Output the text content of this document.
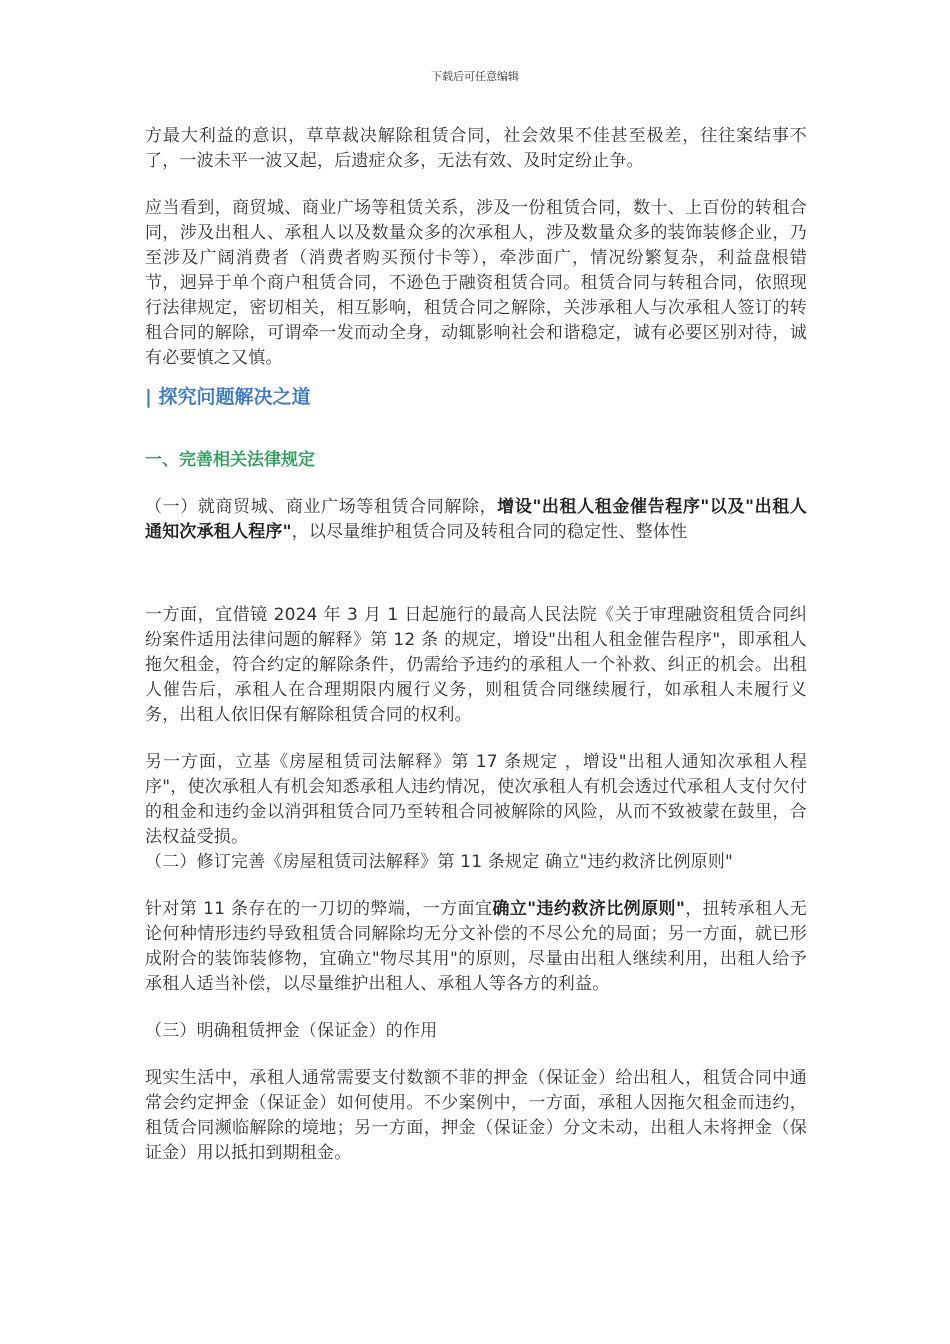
下载后可任意编辑

方最大利益的意识，草草裁决解除租赁合同，社会效果不佳甚至极差，往往案结事不了，一波未平一波又起，后遗症众多，无法有效、及时定纷止争。

应当看到，商贸城、商业广场等租赁关系，涉及一份租赁合同，数十、上百份的转租合同，涉及出租人、承租人以及数量众多的次承租人，涉及数量众多的装饰装修企业，乃至涉及广阔消费者（消费者购买预付卡等），牵涉面广，情况纷繁复杂，利益盘根错节，迥异于单个商户租赁合同，不逊色于融资租赁合同。租赁合同与转租合同，依照现行法律规定，密切相关，相互影响，租赁合同之解除，关涉承租人与次承租人签订的转租合同的解除，可谓牵一发而动全身，动辄影响社会和谐稳定，诚有必要区别对待，诚有必要慎之又慎。

| 探究问题解决之道
一、完善相关法律规定

（一）就商贸城、商业广场等租赁合同解除，增设"出租人租金催告程序"以及"出租人通知次承租人程序"，以尽量维护租赁合同及转租合同的稳定性、整体性

一方面，宜借镜 2024 年 3 月 1 日起施行的最高人民法院《关于审理融资租赁合同纠纷案件适用法律问题的解释》第 12 条 的规定，增设"出租人租金催告程序"，即承租人拖欠租金，符合约定的解除条件，仍需给予违约的承租人一个补救、纠正的机会。出租人催告后，承租人在合理期限内履行义务，则租赁合同继续履行，如承租人未履行义务，出租人依旧保有解除租赁合同的权利。

另一方面，立基《房屋租赁司法解释》第 17 条规定 ，增设"出租人通知次承租人程序"，使次承租人有机会知悉承租人违约情况，使次承租人有机会透过代承租人支付欠付的租金和违约金以消弭租赁合同乃至转租合同被解除的风险，从而不致被蒙在鼓里，合法权益受损。

（二）修订完善《房屋租赁司法解释》第 11 条规定 确立"违约救济比例原则"

针对第 11 条存在的一刀切的弊端，一方面宜确立"违约救济比例原则"，扭转承租人无论何种情形违约导致租赁合同解除均无分文补偿的不尽公允的局面；另一方面，就已形成附合的装饰装修物，宜确立"物尽其用"的原则，尽量由出租人继续利用，出租人给予承租人适当补偿，以尽量维护出租人、承租人等各方的利益。

（三）明确租赁押金（保证金）的作用

现实生活中，承租人通常需要支付数额不菲的押金（保证金）给出租人，租赁合同中通常会约定押金（保证金）如何使用。不少案例中，一方面，承租人因拖欠租金而违约，租赁合同濒临解除的境地；另一方面，押金（保证金）分文未动，出租人未将押金（保证金）用以抵扣到期租金。
